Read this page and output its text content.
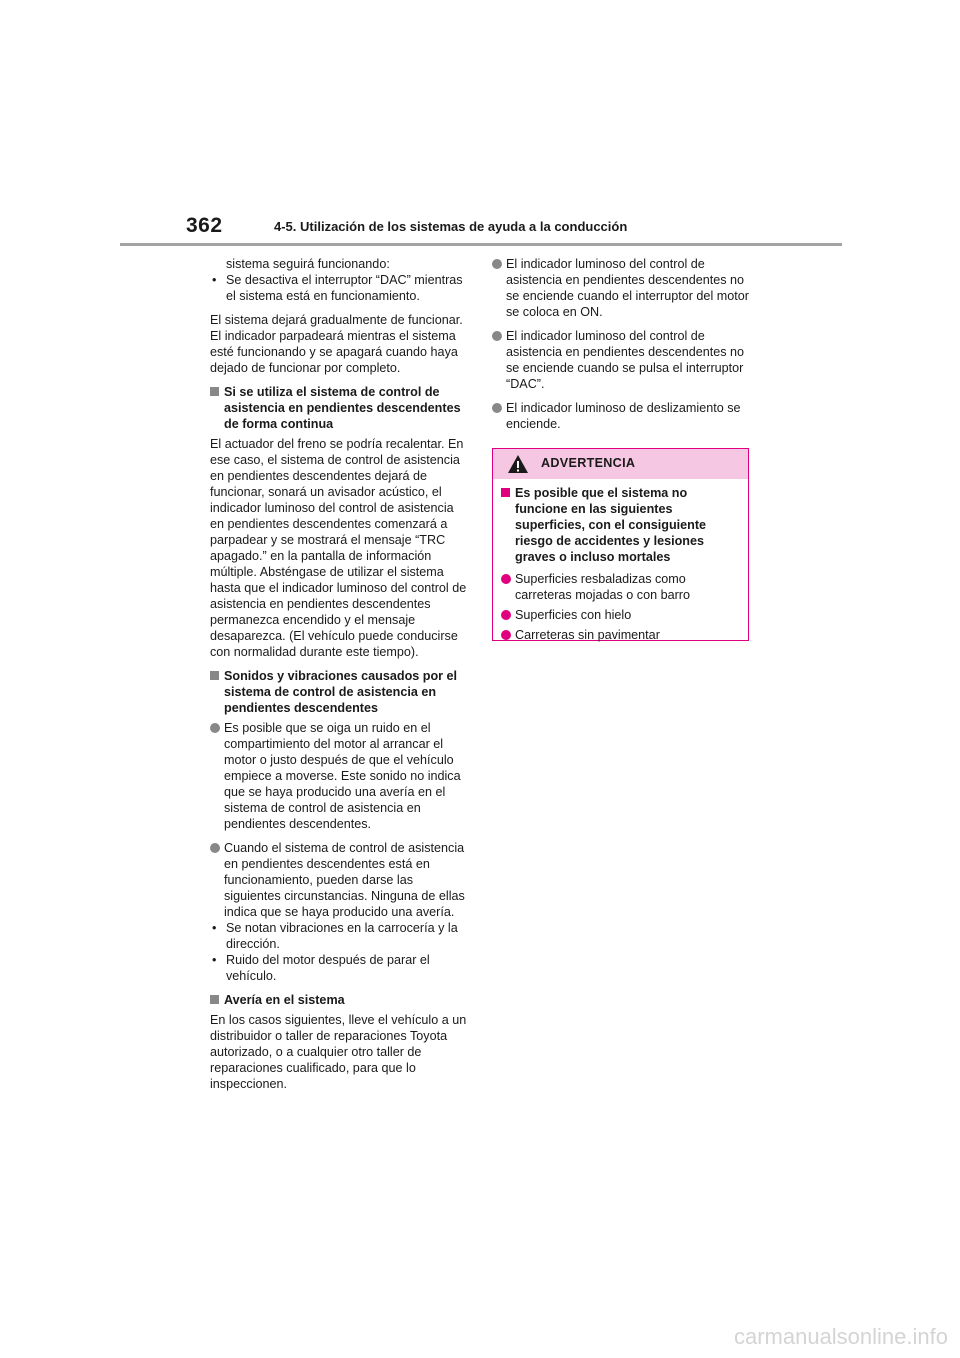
362	4-5. Utilización de los sistemas de ayuda a la conducción
sistema seguirá funcionando:
• Se desactiva el interruptor “DAC” mientras el sistema está en funcionamiento.

El sistema dejará gradualmente de funcionar. El indicador parpadeará mientras el sistema esté funcionando y se apagará cuando haya dejado de funcionar por completo.

Si se utiliza el sistema de control de asistencia en pendientes descendentes de forma continua

El actuador del freno se podría recalentar. En ese caso, el sistema de control de asistencia en pendientes descendentes dejará de funcionar, sonará un avisador acústico, el indicador luminoso del control de asistencia en pendientes descendentes comenzará a parpadear y se mostrará el mensaje “TRC apagado.” en la pantalla de información múltiple. Absténgase de utilizar el sistema hasta que el indicador luminoso del control de asistencia en pendientes descendentes permanezca encendido y el mensaje desaparezca. (El vehículo puede conducirse con normalidad durante este tiempo).

Sonidos y vibraciones causados por el sistema de control de asistencia en pendientes descendentes
Es posible que se oiga un ruido en el compartimiento del motor al arrancar el motor o justo después de que el vehículo empiece a moverse. Este sonido no indica que se haya producido una avería en el sistema de control de asistencia en pendientes descendentes.
Cuando el sistema de control de asistencia en pendientes descendentes está en funcionamiento, pueden darse las siguientes circunstancias. Ninguna de ellas indica que se haya producido una avería.
• Se notan vibraciones en la carrocería y la dirección.
• Ruido del motor después de parar el vehículo.
Avería en el sistema

En los casos siguientes, lleve el vehículo a un distribuidor o taller de reparaciones Toyota autorizado, o a cualquier otro taller de reparaciones cualificado, para que lo inspeccionen.

El indicador luminoso del control de asistencia en pendientes descendentes no se enciende cuando el interruptor del motor se coloca en ON.
El indicador luminoso del control de asistencia en pendientes descendentes no se enciende cuando se pulsa el interruptor “DAC”.
El indicador luminoso de deslizamiento se enciende.
ADVERTENCIA
Es posible que el sistema no funcione en las siguientes superficies, con el consiguiente riesgo de accidentes y lesiones graves o incluso mortales
Superficies resbaladizas como carreteras mojadas o con barro
Superficies con hielo
Carreteras sin pavimentar
carmanualsonline.info
